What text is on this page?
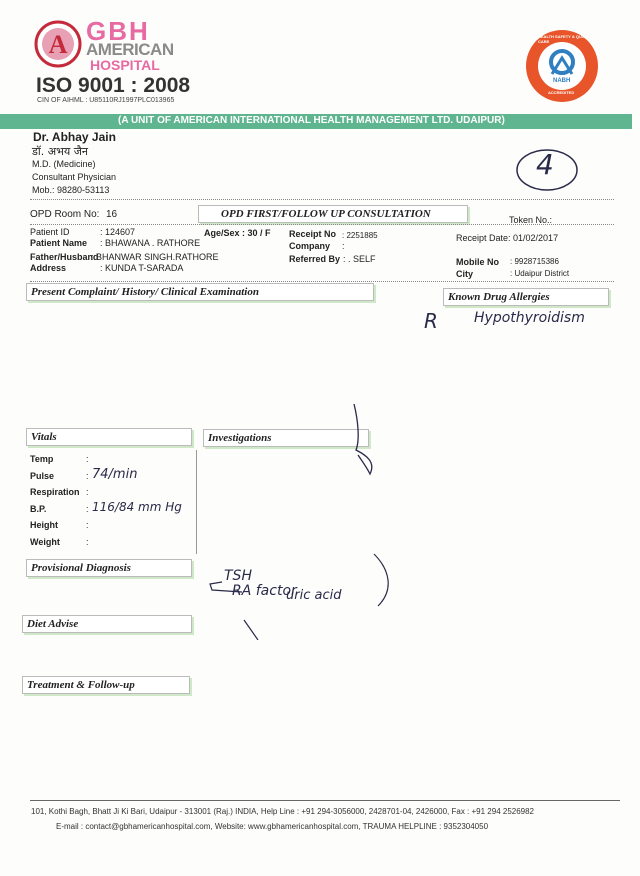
A GBH
AMERICAN
HOSPITAL
ISO 9001 : 2008
CIN OF AIHML : U85110RJ1997PLC013965
HEALTH SAFETY & QUALITY CARE
NABH
ACCREDITED
(A UNIT OF AMERICAN INTERNATIONAL HEALTH MANAGEMENT LTD. UDAIPUR)
Dr. Abhay Jain
डॉ. अभय जैन
M.D. (Medicine)
Consultant Physician
Mob.: 98280-53113
4
OPD Room No: 16	OPD FIRST/FOLLOW UP CONSULTATION	Token No.:
Patient ID	: 124607
Patient Name : BHAWANA . RATHORE
Father/Husband
: BHANWAR SINGH.RATHORE
Address	: KUNDA T-SARADA
Age/Sex : 30 / F Receipt No : 2251885
Company :
Referred By : . SELF
Receipt Date: 01/02/2017
Mobile No : 9928715386
City	: Udaipur District
Present Complaint/ History/ Clinical Examination	Known Drug Allergies
R	Hypothyroidism
Vitals	Investigations
Temp	:
Pulse	: 74/min
Respiration :
B.P.	: 116/84 mm Hg
Height	:
Weight	:
Provisional Diagnosis	TSH
RA factor
uric acid
Diet Advise
Treatment & Follow-up
101, Kothi Bagh, Bhatt Ji Ki Bari, Udaipur - 313001 (Raj.) INDIA, Help Line : +91 294-3056000, 2428701-04, 2426000, Fax : +91 294 2526982
E-mail : contact@gbhamericanhospital.com, Website: www.gbhamericanhospital.com, TRAUMA HELPLINE : 9352304050
